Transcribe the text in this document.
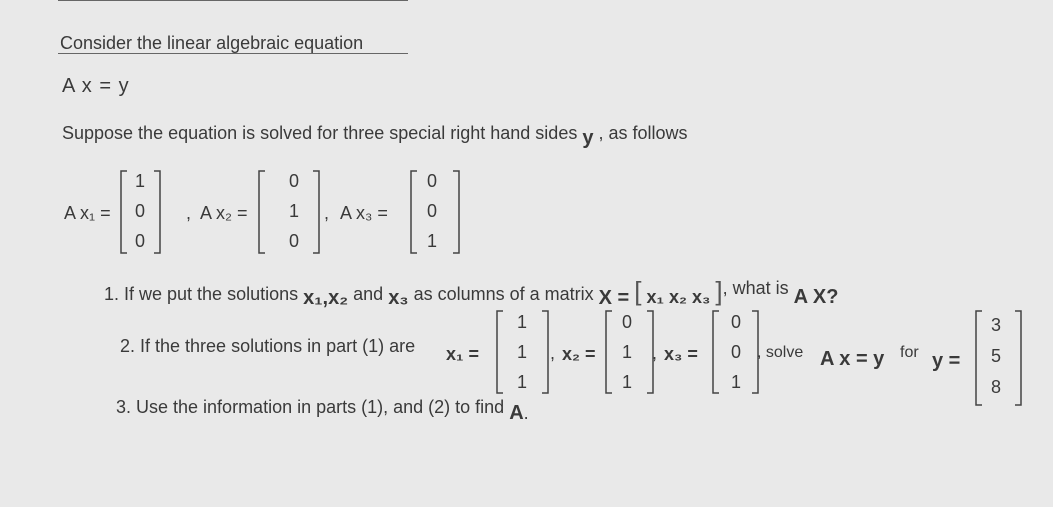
Consider the linear algebraic equation
A x = y
Suppose the equation is solved for three special right hand sides y , as follows
A x₁ =
1
0
0
, A x₂ =
0
1
0
, A x₃ =
0
0
1
1. If we put the solutions x₁,x₂ and x₃ as columns of a matrix X = [ x₁ x₂ x₃ ], what is A X?
2. If the three solutions in part (1) are x₁ =
1
1
1
, x₂ =
0
1
1
, x₃ =
0
0
1
, solve A x = y for y =
3
5
8
3. Use the information in parts (1), and (2) to find A.
